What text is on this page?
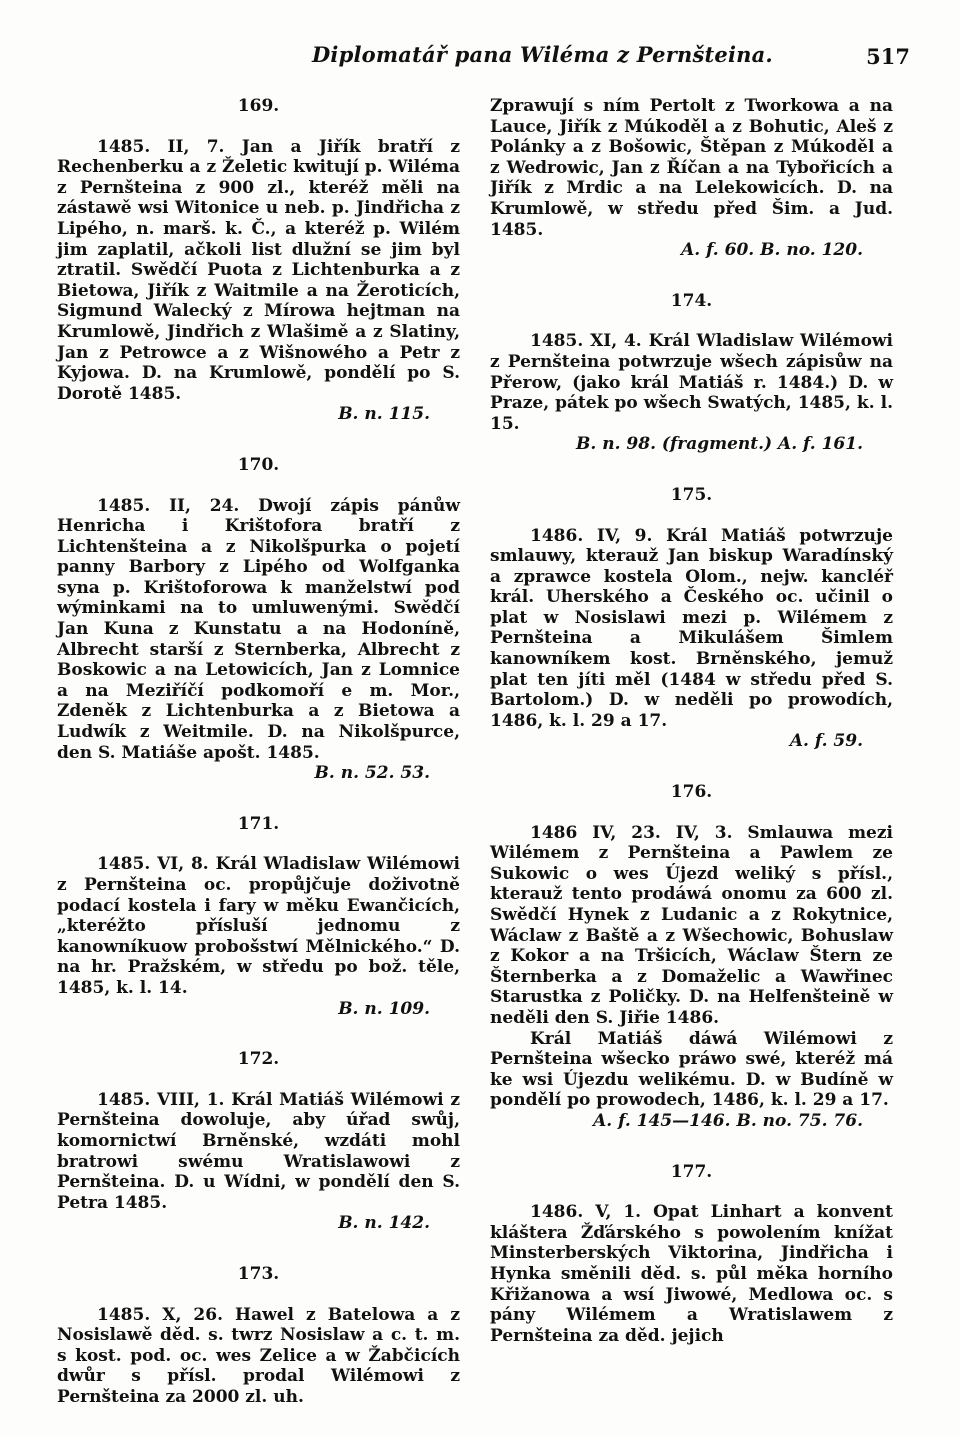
Diplomatář pana Wiléma z Pernšteina.	517
169.
1485. II, 7. Jan a Jiřík bratří z Rechenberku a z Želetic kwitují p. Wiléma z Pernšteina z 900 zl., kteréž měli na zástawě wsi Witonice u neb. p. Jindřicha z Lipého, n. marš. k. Č., a kteréž p. Wilém jim zaplatil, ačkoli list dlužní se jim byl ztratil. Swědčí Puota z Lichtenburka a z Bietowa, Jiřík z Waitmile a na Žeroticích, Sigmund Walecký z Mírowa hejtman na Krumlowě, Jindřich z Wlašimě a z Slatiny, Jan z Petrowce a z Wišnowého a Petr z Kyjowa. D. na Krumlowě, pondělí po S. Dorotě 1485.
B. n. 115.
170.
1485. II, 24. Dwojí zápis pánůw Henricha i Krištofora bratří z Lichtenšteina a z Nikolšpurka o pojetí panny Barbory z Lipého od Wolfganka syna p. Krištoforowa k manželstwí pod wýminkami na to umluwenými. Swědčí Jan Kuna z Kunstatu a na Hodoníně, Albrecht starší z Sternberka, Albrecht z Boskowic a na Letowicích, Jan z Lomnice a na Meziříčí podkomoří e m. Mor., Zdeněk z Lichtenburka a z Bietowa a Ludwík z Weitmile. D. na Nikolšpurce, den S. Matiáše apošt. 1485.
B. n. 52. 53.
171.
1485. VI, 8. Král Wladislaw Wilémowi z Pernšteina oc. propůjčuje doživotně podací kostela i fary w měku Ewančicích, „kteréžto přísluší jednomu z kanowníkuow probošstwí Mělnického.“ D. na hr. Pražském, w středu po bož. těle, 1485, k. l. 14.
B. n. 109.
172.
1485. VIII, 1. Král Matiáš Wilémowi z Pernšteina dowoluje, aby úřad swůj, komornictwí Brněnské, wzdáti mohl bratrowi swému Wratislawowi z Pernšteina. D. u Wídni, w pondělí den S. Petra 1485.
B. n. 142.
173.
1485. X, 26. Hawel z Batelowa a z Nosislawě děd. s. twrz Nosislaw a c. t. m. s kost. pod. oc. wes Zelice a w Žabčicích dwůr s přísl. prodal Wilémowi z Pernšteina za 2000 zl. uh.
Zprawují s ním Pertolt z Tworkowa a na Lauce, Jiřík z Múkoděl a z Bohutic, Aleš z Polánky a z Bošowic, Štěpan z Múkoděl a z Wedrowic, Jan z Říčan a na Tybořicích a Jiřík z Mrdic a na Lelekowicích. D. na Krumlowě, w středu před Šim. a Jud. 1485.
A. f. 60. B. no. 120.
174.
1485. XI, 4. Král Wladislaw Wilémowi z Pernšteina potwrzuje wšech zápisůw na Přerow, (jako král Matiáš r. 1484.) D. w Praze, pátek po wšech Swatých, 1485, k. l. 15.
B. n. 98. (fragment.) A. f. 161.
175.
1486. IV, 9. Král Matiáš potwrzuje smlauwy, kterauž Jan biskup Waradínský a zprawce kostela Olom., nejw. kancléř král. Uherského a Českého oc. učinil o plat w Nosislawi mezi p. Wilémem z Pernšteina a Mikulášem Šimlem kanowníkem kost. Brněnského, jemuž plat ten jíti měl (1484 w středu před S. Bartolom.) D. w neděli po prowodích, 1486, k. l. 29 a 17.
A. f. 59.
176.
1486 IV, 23. IV, 3. Smlauwa mezi Wilémem z Pernšteina a Pawlem ze Sukowic o wes Újezd weliký s přísl., kterauž tento prodáwá onomu za 600 zl. Swědčí Hynek z Ludanic a z Rokytnice, Wáclaw z Baště a z Wšechowic, Bohuslaw z Kokor a na Tršicích, Wáclaw Štern ze Šternberka a z Domaželic a Wawřinec Starustka z Poličky. D. na Helfenšteině w neděli den S. Jiřie 1486.
Král Matiáš dáwá Wilémowi z Pernšteina wšecko práwo swé, kteréž má ke wsi Újezdu welikému. D. w Budíně w pondělí po prowodech, 1486, k. l. 29 a 17.
A. f. 145—146. B. no. 75. 76.
177.
1486. V, 1. Opat Linhart a konvent kláštera Žďárského s powolením knížat Minsterberských Viktorina, Jindřicha i Hynka směnili děd. s. půl měka horního Křižanowa a wsí Jiwowé, Medlowa oc. s pány Wilémem a Wratislawem z Pernšteina za děd. jejich
